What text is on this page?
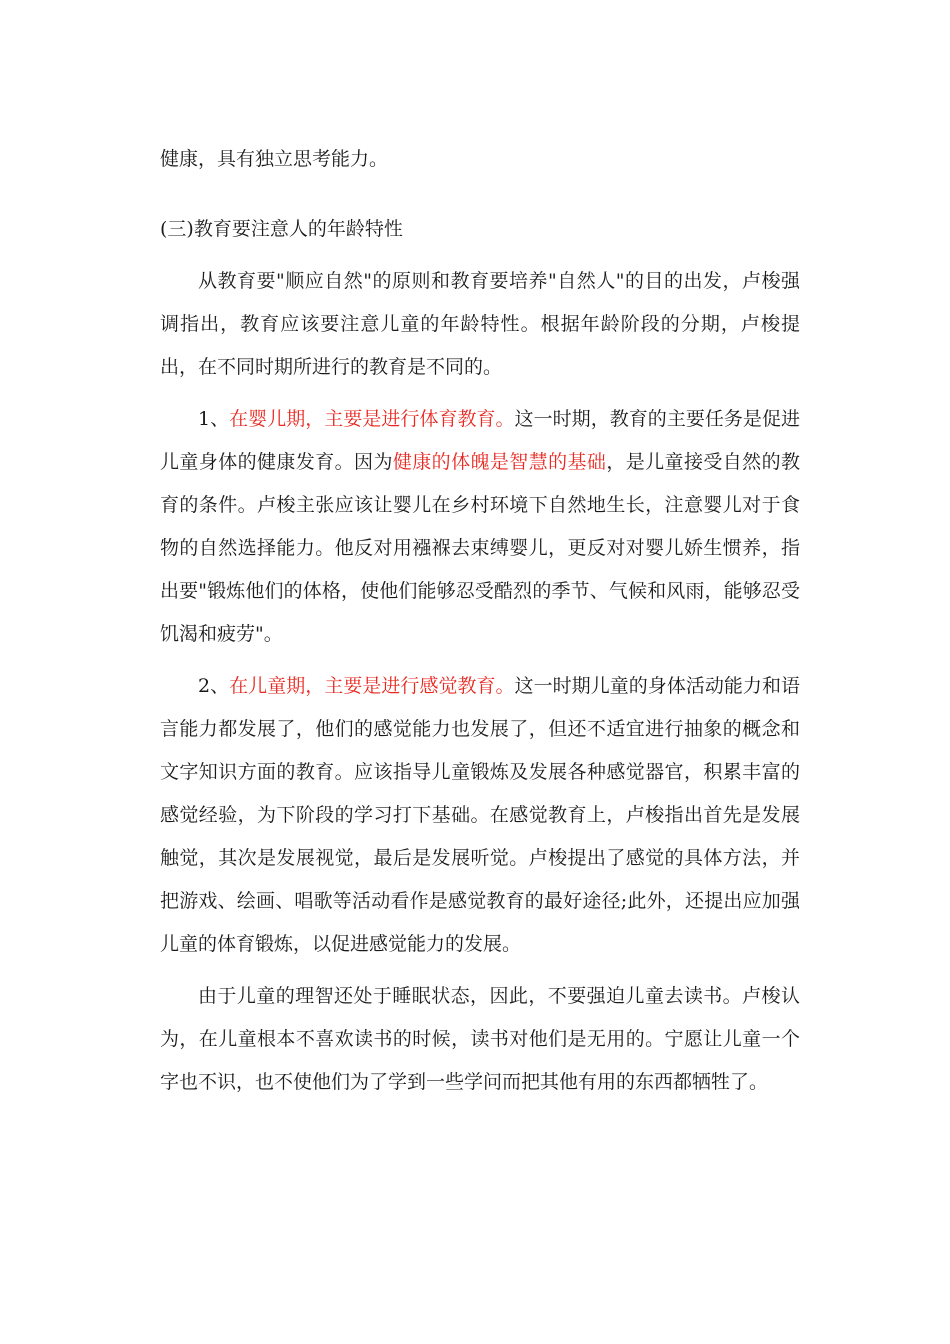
健康，具有独立思考能力。

(三)教育要注意人的年龄特性

从教育要"顺应自然"的原则和教育要培养"自然人"的目的出发，卢梭强调指出，教育应该要注意儿童的年龄特性。根据年龄阶段的分期，卢梭提出，在不同时期所进行的教育是不同的。

1、在婴儿期，主要是进行体育教育。这一时期，教育的主要任务是促进儿童身体的健康发育。因为健康的体魄是智慧的基础，是儿童接受自然的教育的条件。卢梭主张应该让婴儿在乡村环境下自然地生长，注意婴儿对于食物的自然选择能力。他反对用襁褓去束缚婴儿，更反对对婴儿娇生惯养，指出要"锻炼他们的体格，使他们能够忍受酷烈的季节、气候和风雨，能够忍受饥渴和疲劳"。

2、在儿童期，主要是进行感觉教育。这一时期儿童的身体活动能力和语言能力都发展了，他们的感觉能力也发展了，但还不适宜进行抽象的概念和文字知识方面的教育。应该指导儿童锻炼及发展各种感觉器官，积累丰富的感觉经验，为下阶段的学习打下基础。在感觉教育上，卢梭指出首先是发展触觉，其次是发展视觉，最后是发展听觉。卢梭提出了感觉的具体方法，并把游戏、绘画、唱歌等活动看作是感觉教育的最好途径;此外，还提出应加强儿童的体育锻炼，以促进感觉能力的发展。

由于儿童的理智还处于睡眠状态，因此，不要强迫儿童去读书。卢梭认为，在儿童根本不喜欢读书的时候，读书对他们是无用的。宁愿让儿童一个字也不识，也不使他们为了学到一些学问而把其他有用的东西都牺牲了。
